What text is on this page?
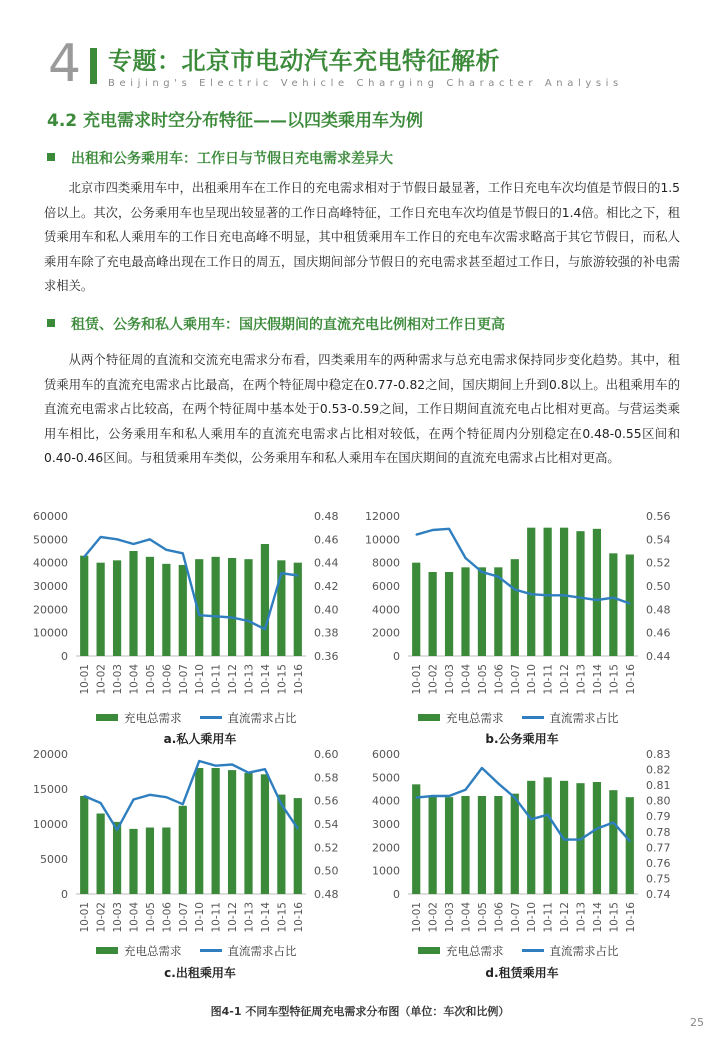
4 专题：北京市电动汽车充电特征解析
Beijing's Electric Vehicle Charging Character Analysis
4.2 充电需求时空分布特征——以四类乘用车为例
出租和公务乘用车：工作日与节假日充电需求差异大
北京市四类乘用车中，出租乘用车在工作日的充电需求相对于节假日最显著，工作日充电车次均值是节假日的1.5倍以上。其次，公务乘用车也呈现出较显著的工作日高峰特征，工作日充电车次均值是节假日的1.4倍。相比之下，租赁乘用车和私人乘用车的工作日充电高峰不明显，其中租赁乘用车工作日的充电车次需求略高于其它节假日，而私人乘用车除了充电最高峰出现在工作日的周五，国庆期间部分节假日的充电需求甚至超过工作日，与旅游较强的补电需求相关。
租赁、公务和私人乘用车：国庆假期间的直流充电比例相对工作日更高
从两个特征周的直流和交流充电需求分布看，四类乘用车的两种需求与总充电需求保持同步变化趋势。其中，租赁乘用车的直流充电需求占比最高，在两个特征周中稳定在0.77-0.82之间，国庆期间上升到0.8以上。出租乘用车的直流充电需求占比较高，在两个特征周中基本处于0.53-0.59之间，工作日期间直流充电占比相对更高。与营运类乘用车相比，公务乘用车和私人乘用车的直流充电需求占比相对较低，在两个特征周内分别稳定在0.48-0.55区间和0.40-0.46区间。与租赁乘用车类似，公务乘用车和私人乘用车在国庆期间的直流充电需求占比相对更高。
0
10000
20000
30000
40000
50000
60000
0.36
0.38
0.40
0.42
0.44
0.46
0.48
10-01 10-02 10-03 10-04 10-05 10-06 10-07 10-10 10-11 10-12 10-13 10-14 10-15 10-16
0
2000
4000
6000
8000
10000
12000
0.44
0.46
0.48
0.50
0.52
0.54
0.56
10-01 10-02 10-03 10-04 10-05 10-06 10-07 10-10 10-11 10-12 10-13 10-14 10-15 10-16
0
5000
10000
15000
20000
0.48
0.50
0.52
0.54
0.56
0.58
0.60
10-01 10-02 10-03 10-04 10-05 10-06 10-07 10-10 10-11 10-12 10-13 10-14 10-15 10-16
0
1000
2000
3000
4000
5000
6000
0.74
0.75
0.76
0.77
0.78
0.79
0.80
0.81
0.82
0.83
10-01 10-02 10-03 10-04 10-05 10-06 10-07 10-10 10-11 10-12 10-13 10-14 10-15 10-16
充电总需求	直流需求占比	充电总需求	直流需求占比
充电总需求	直流需求占比	充电总需求	直流需求占比
a.私人乘用车	b.公务乘用车
c.出租乘用车	d.租赁乘用车
图4-1 不同车型特征周充电需求分布图（单位：车次和比例）
25
